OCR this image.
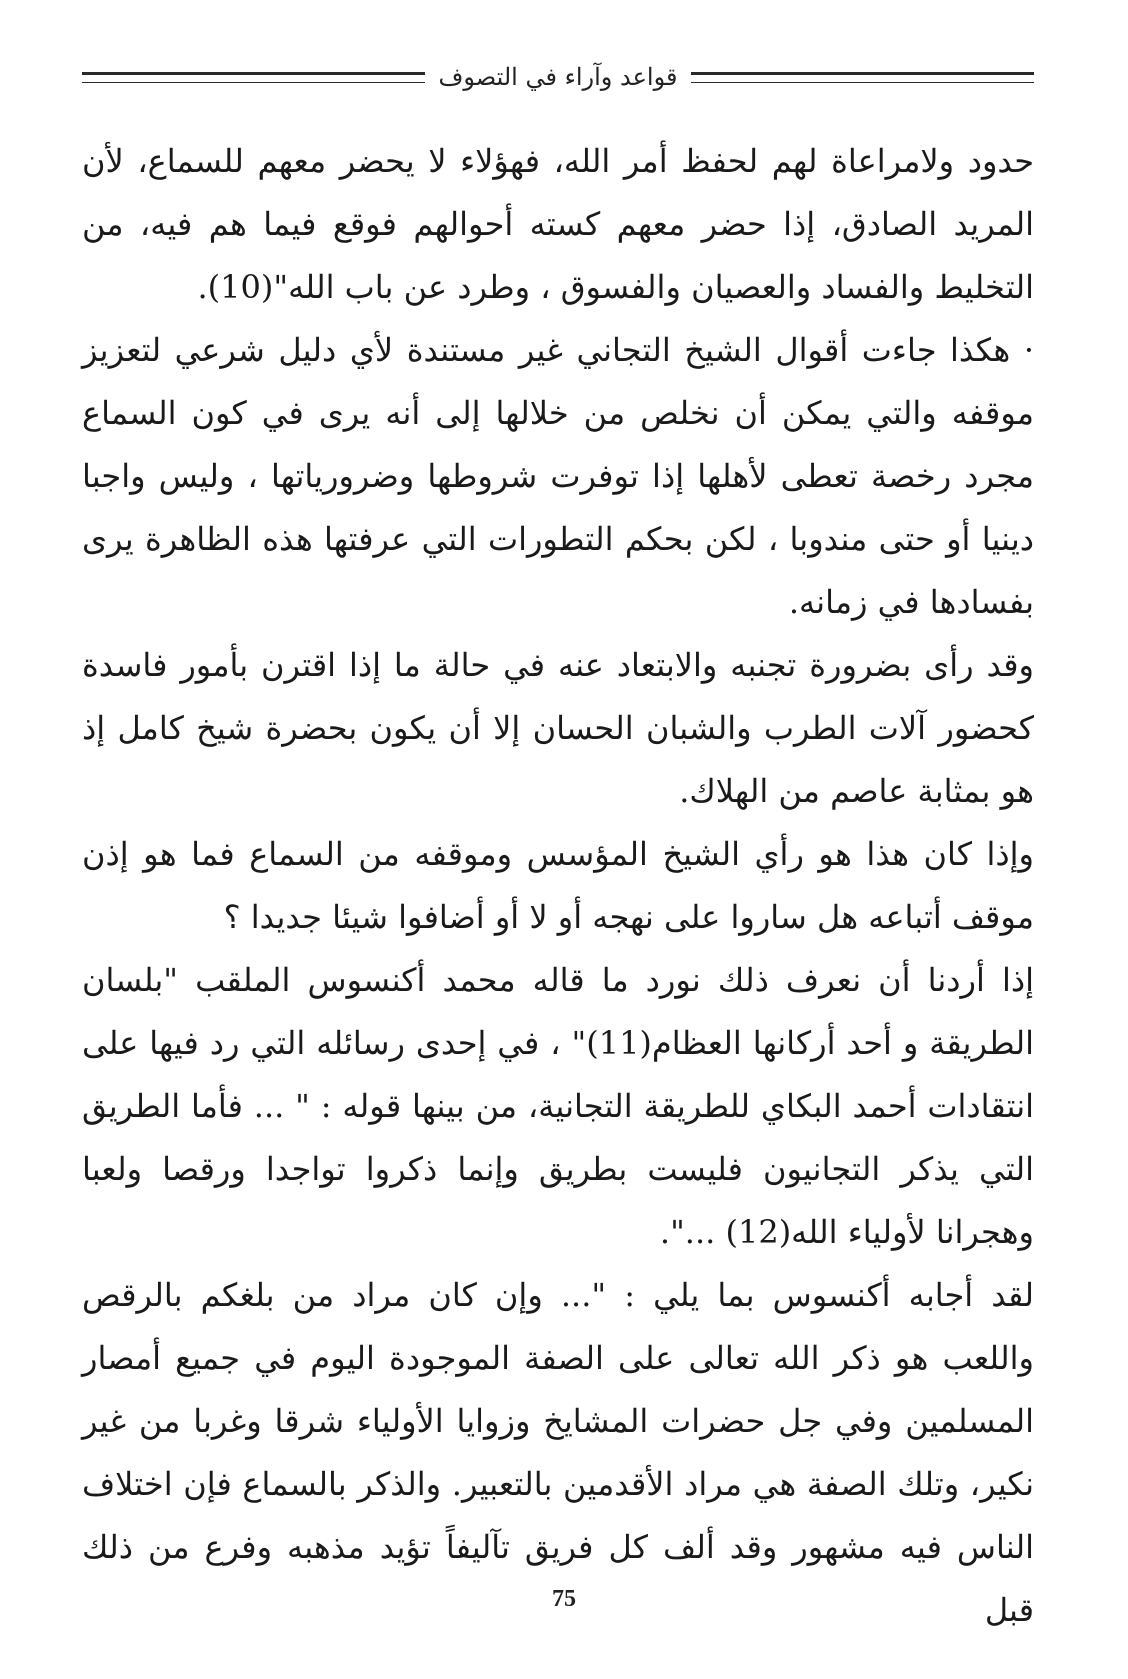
قواعد وآراء في التصوف

حدود ولامراعاة لهم لحفظ أمر الله، فهؤلاء لا يحضر معهم للسماع، لأن المريد الصادق، إذا حضر معهم كسته أحوالهم فوقع فيما هم فيه، من التخليط والفساد والعصيان والفسوق ، وطرد عن باب الله"(10).

· هكذا جاءت أقوال الشيخ التجاني غير مستندة لأي دليل شرعي لتعزيز موقفه والتي يمكن أن نخلص من خلالها إلى أنه يرى في كون السماع مجرد رخصة تعطى لأهلها إذا توفرت شروطها وضرورياتها ، وليس واجبا دينيا أو حتى مندوبا ، لكن بحكم التطورات التي عرفتها هذه الظاهرة يرى بفسادها في زمانه.

وقد رأى بضرورة تجنبه والابتعاد عنه في حالة ما إذا اقترن بأمور فاسدة كحضور آلات الطرب والشبان الحسان إلا أن يكون بحضرة شيخ كامل إذ هو بمثابة عاصم من الهلاك.

وإذا كان هذا هو رأي الشيخ المؤسس وموقفه من السماع فما هو إذن موقف أتباعه هل ساروا على نهجه أو لا أو أضافوا شيئا جديدا ؟

إذا أردنا أن نعرف ذلك نورد ما قاله محمد أكنسوس الملقب "بلسان الطريقة و أحد أركانها العظام(11)" ، في إحدى رسائله التي رد فيها على انتقادات أحمد البكاي للطريقة التجانية، من بينها قوله : " ... فأما الطريق التي يذكر التجانيون فليست بطريق وإنما ذكروا تواجدا ورقصا ولعبا وهجرانا لأولياء الله(12) ...".

لقد أجابه أكنسوس بما يلي : "... وإن كان مراد من بلغكم بالرقص واللعب هو ذكر الله تعالى على الصفة الموجودة اليوم في جميع أمصار المسلمين وفي جل حضرات المشايخ وزوايا الأولياء شرقا وغربا من غير نكير، وتلك الصفة هي مراد الأقدمين بالتعبير. والذكر بالسماع فإن اختلاف الناس فيه مشهور وقد ألف كل فريق تآليفاً تؤيد مذهبه وفرع من ذلك قبل

75
